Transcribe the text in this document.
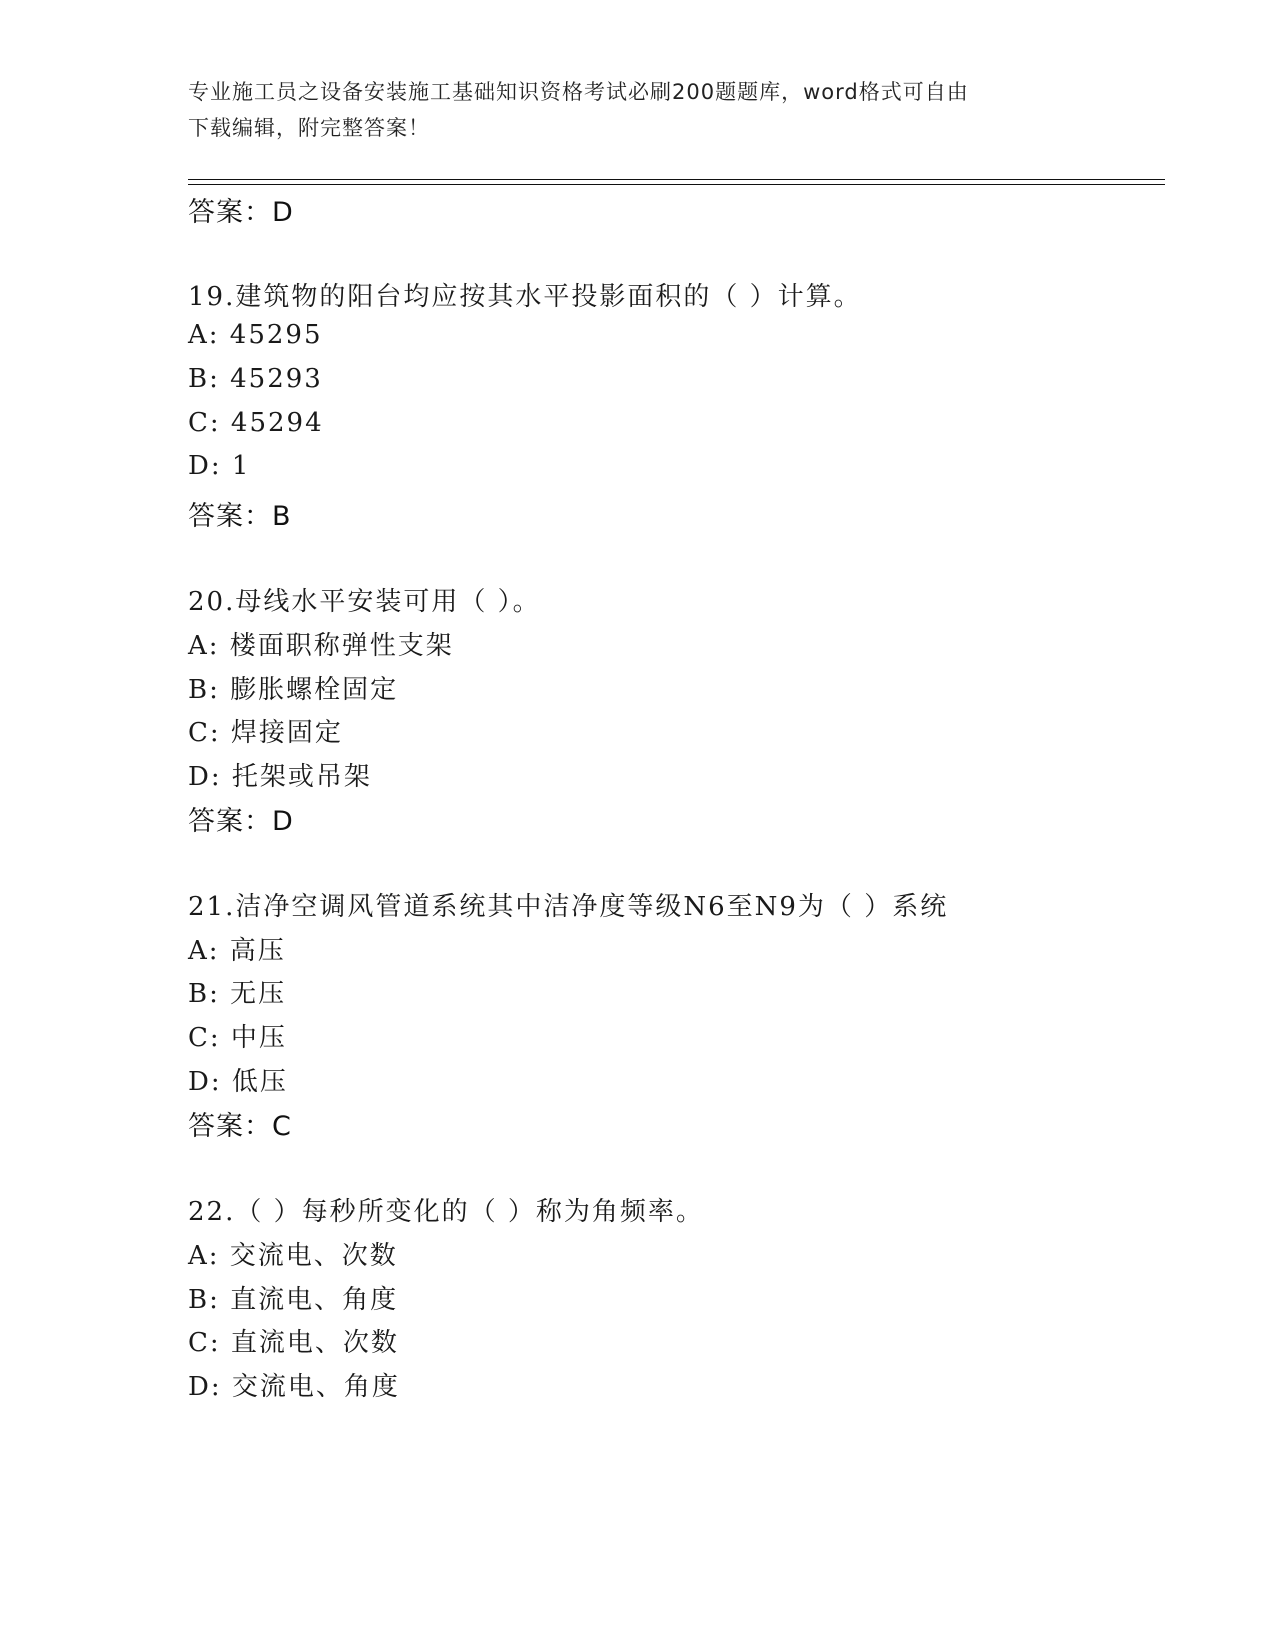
专业施工员之设备安装施工基础知识资格考试必刷200题题库，word格式可自由
下载编辑，附完整答案！
答案：D
19.建筑物的阳台均应按其水平投影面积的（ ）计算。
A: 45295
B: 45293
C: 45294
D: 1
答案：B
20.母线水平安装可用（ ）。
A: 楼面职称弹性支架
B: 膨胀螺栓固定
C: 焊接固定
D: 托架或吊架
答案：D
21.洁净空调风管道系统其中洁净度等级N6至N9为（ ）系统
A: 高压
B: 无压
C: 中压
D: 低压
答案：C
22.（ ）每秒所变化的（ ）称为角频率。
A: 交流电、次数
B: 直流电、角度
C: 直流电、次数
D: 交流电、角度
